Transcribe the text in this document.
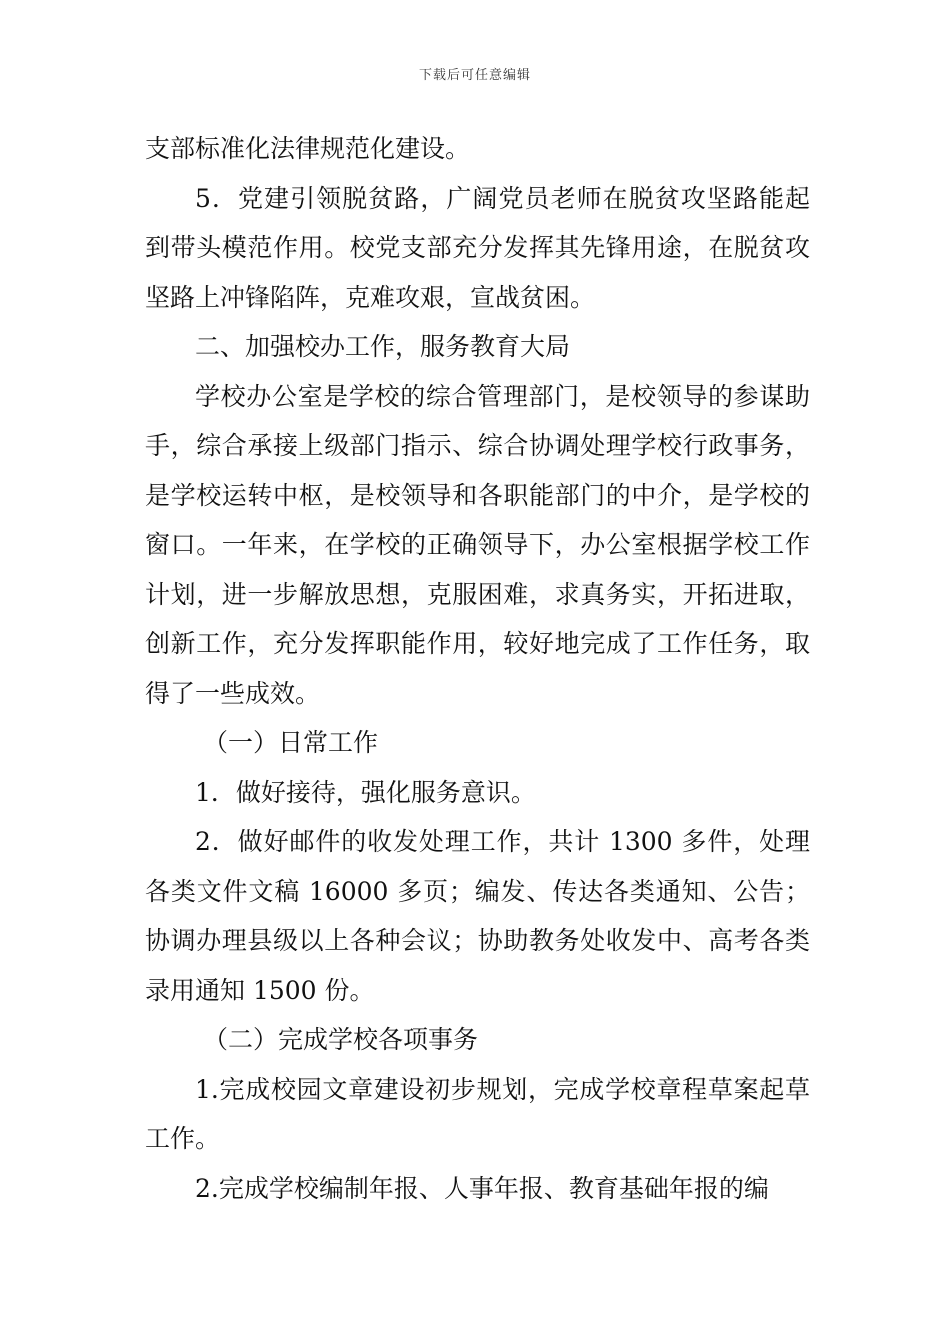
下载后可任意编辑

支部标准化法律规范化建设。

5．党建引领脱贫路，广阔党员老师在脱贫攻坚路能起到带头模范作用。校党支部充分发挥其先锋用途，在脱贫攻坚路上冲锋陷阵，克难攻艰，宣战贫困。

二、加强校办工作，服务教育大局

学校办公室是学校的综合管理部门，是校领导的参谋助手，综合承接上级部门指示、综合协调处理学校行政事务，是学校运转中枢，是校领导和各职能部门的中介，是学校的窗口。一年来，在学校的正确领导下，办公室根据学校工作计划，进一步解放思想，克服困难，求真务实，开拓进取，创新工作，充分发挥职能作用，较好地完成了工作任务，取得了一些成效。

（一）日常工作

1．做好接待，强化服务意识。

2．做好邮件的收发处理工作，共计 1300 多件，处理各类文件文稿 16000 多页；编发、传达各类通知、公告；协调办理县级以上各种会议；协助教务处收发中、高考各类录用通知 1500 份。

（二）完成学校各项事务

1.完成校园文章建设初步规划，完成学校章程草案起草工作。

2.完成学校编制年报、人事年报、教育基础年报的编
